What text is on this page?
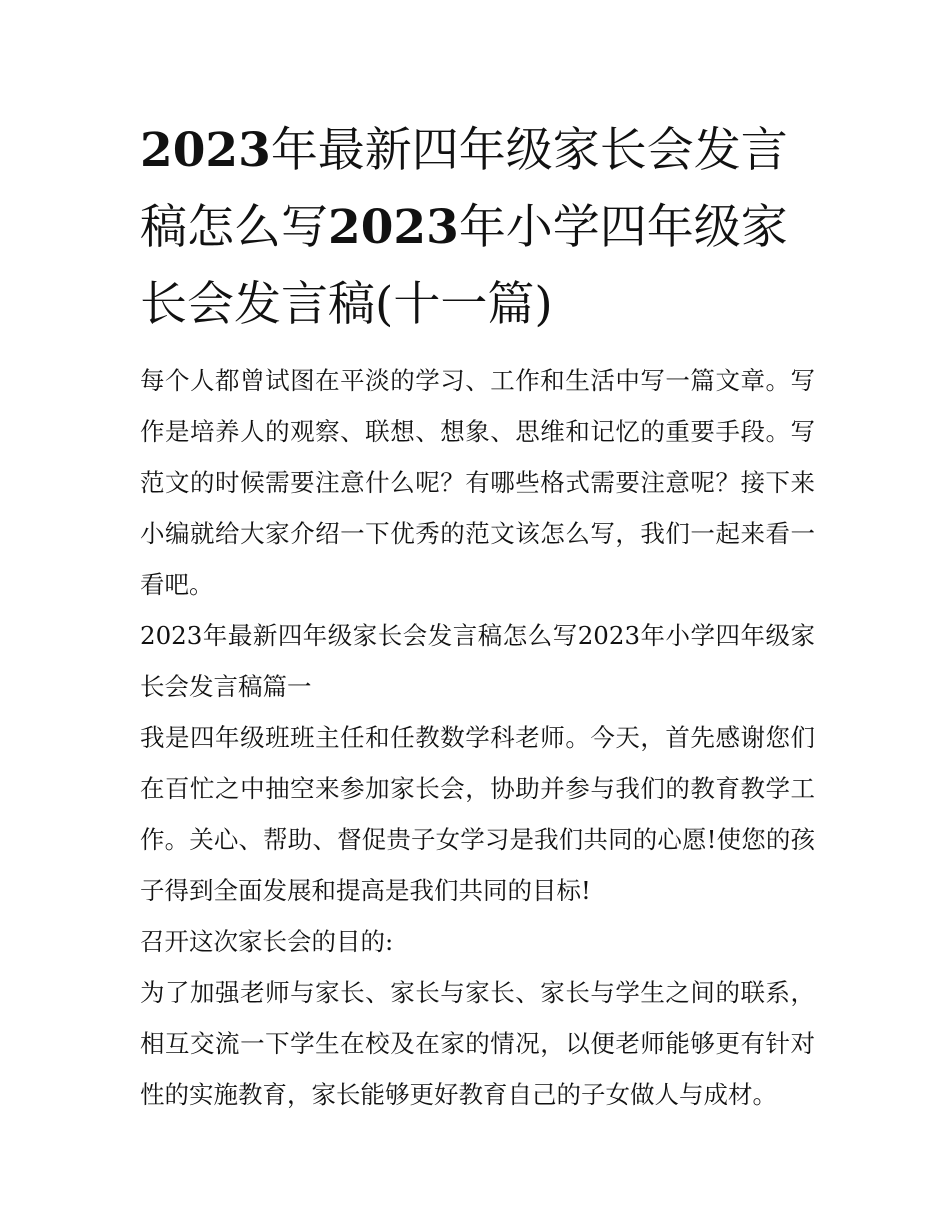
2023年最新四年级家长会发言稿怎么写2023年小学四年级家长会发言稿(十一篇)

每个人都曾试图在平淡的学习、工作和生活中写一篇文章。写作是培养人的观察、联想、想象、思维和记忆的重要手段。写范文的时候需要注意什么呢？有哪些格式需要注意呢？接下来小编就给大家介绍一下优秀的范文该怎么写，我们一起来看一看吧。

2023年最新四年级家长会发言稿怎么写2023年小学四年级家长会发言稿篇一

我是四年级班班主任和任教数学科老师。今天，首先感谢您们在百忙之中抽空来参加家长会，协助并参与我们的教育教学工作。关心、帮助、督促贵子女学习是我们共同的心愿!使您的孩子得到全面发展和提高是我们共同的目标!

召开这次家长会的目的:

为了加强老师与家长、家长与家长、家长与学生之间的联系，相互交流一下学生在校及在家的情况，以便老师能够更有针对性的实施教育，家长能够更好教育自己的子女做人与成材。
